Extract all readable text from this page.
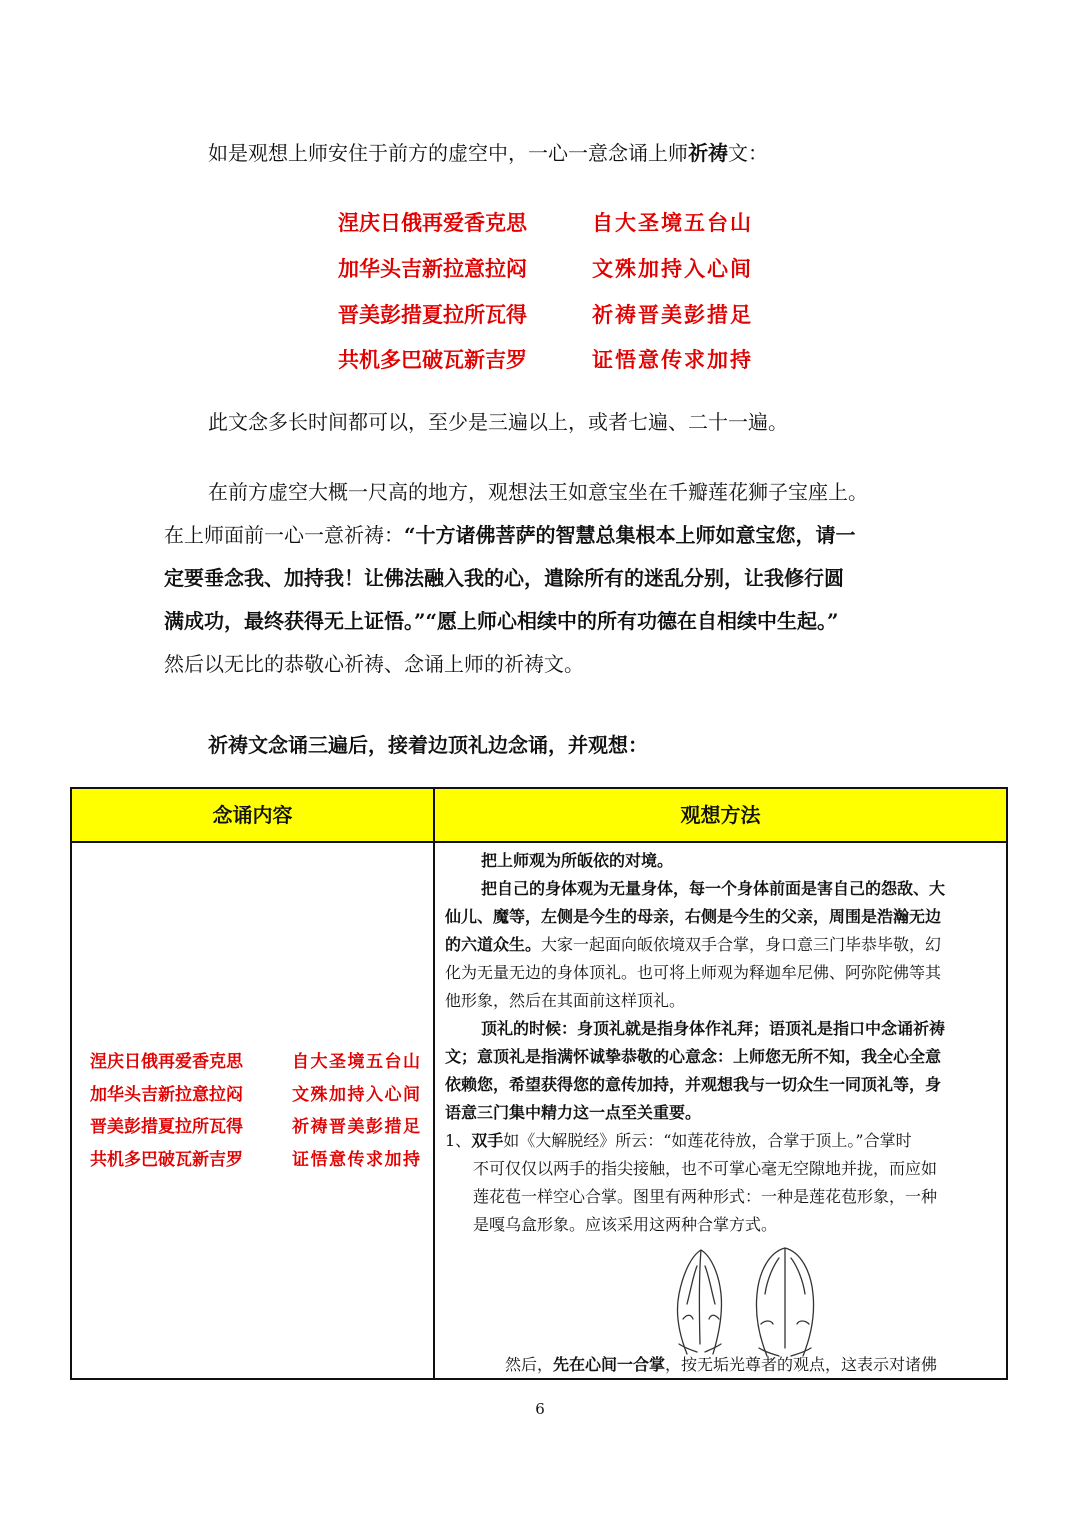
如是观想上师安住于前方的虚空中，一心一意念诵上师祈祷文：
涅庆日俄再爱香克思	自大圣境五台山
加华头吉新拉意拉闷	文殊加持入心间
晋美彭措夏拉所瓦得	祈祷晋美彭措足
共机多巴破瓦新吉罗	证悟意传求加持
此文念多长时间都可以，至少是三遍以上，或者七遍、二十一遍。
在前方虚空大概一尺高的地方，观想法王如意宝坐在千瓣莲花狮子宝座上。
在上师面前一心一意祈祷：“十方诸佛菩萨的智慧总集根本上师如意宝您，请一
定要垂念我、加持我！让佛法融入我的心，遣除所有的迷乱分别，让我修行圆
满成功，最终获得无上证悟。”“愿上师心相续中的所有功德在自相续中生起。”
然后以无比的恭敬心祈祷、念诵上师的祈祷文。
祈祷文念诵三遍后，接着边顶礼边念诵，并观想：
念诵内容	观想方法
涅庆日俄再爱香克思	自大圣境五台山
加华头吉新拉意拉闷	文殊加持入心间
晋美彭措夏拉所瓦得	祈祷晋美彭措足
共机多巴破瓦新吉罗	证悟意传求加持
把上师观为所皈依的对境。
把自己的身体观为无量身体，每一个身体前面是害自己的怨敌、大
仙儿、魔等，左侧是今生的母亲，右侧是今生的父亲，周围是浩瀚无边
的六道众生。大家一起面向皈依境双手合掌，身口意三门毕恭毕敬，幻
化为无量无边的身体顶礼。也可将上师观为释迦牟尼佛、阿弥陀佛等其
他形象，然后在其面前这样顶礼。
顶礼的时候：身顶礼就是指身体作礼拜；语顶礼是指口中念诵祈祷
文；意顶礼是指满怀诚挚恭敬的心意念：上师您无所不知，我全心全意
依赖您，希望获得您的意传加持，并观想我与一切众生一同顶礼等，身
语意三门集中精力这一点至关重要。
1、双手如《大解脱经》所云：“如莲花待放，合掌于顶上。”合掌时
不可仅仅以两手的指尖接触，也不可掌心毫无空隙地并拢，而应如
莲花苞一样空心合掌。图里有两种形式：一种是莲花苞形象，一种
是嘎乌盒形象。应该采用这两种合掌方式。
然后，先在心间一合掌，按无垢光尊者的观点，这表示对诸佛
6
